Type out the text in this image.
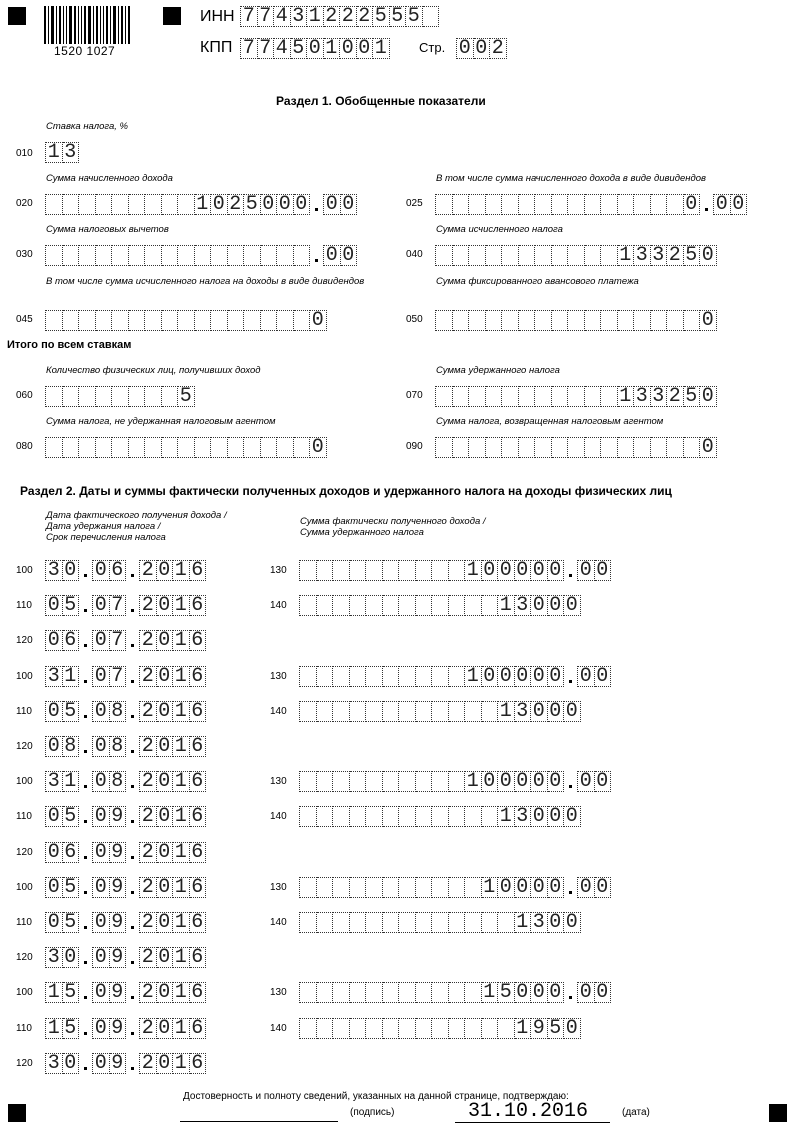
1520 1027
ИНН 7 7 4 3 1 2 2 2 5 5 5
КПП 7 7 4 5 0 1 0 0 1 Стр. 0 0 2
Раздел 1. Обобщенные показатели
Ставка налога, %
010 1 3
Сумма начисленного дохода
020	1 0 2 5 0 0 0 0 0
В том числе сумма начисленного дохода в виде дивидендов
025	0 0 0
Сумма налоговых вычетов
030	0 0
Сумма исчисленного налога
040	1 3 3 2 5 0
В том числе сумма исчисленного налога на доходы в виде дивидендов
045	0
Сумма фиксированного авансового платежа
050	0
Итого по всем ставкам
Количество физических лиц, получивших доход
060	5
Сумма удержанного налога
070	1 3 3 2 5 0
Сумма налога, не удержанная налоговым агентом
080	0
Сумма налога, возвращенная налоговым агентом
090	0
Раздел 2. Даты и суммы фактически полученных доходов и удержанного налога на доходы физических лиц
Дата фактического получения дохода /
Дата удержания налога /
Срок перечисления налога
Сумма фактически полученного дохода /
Сумма удержанного налога
100 3 0 0 6 2 0 1 6	130	1 0 0 0 0 0 0 0
110 0 5 0 7 2 0 1 6	140	1 3 0 0 0
120 0 6 0 7 2 0 1 6
100 3 1 0 7 2 0 1 6	130	1 0 0 0 0 0 0 0
110 0 5 0 8 2 0 1 6	140	1 3 0 0 0
120 0 8 0 8 2 0 1 6
100 3 1 0 8 2 0 1 6	130	1 0 0 0 0 0 0 0
110 0 5 0 9 2 0 1 6	140	1 3 0 0 0
120 0 6 0 9 2 0 1 6
100 0 5 0 9 2 0 1 6	130	1 0 0 0 0 0 0
110 0 5 0 9 2 0 1 6	140	1 3 0 0
120 3 0 0 9 2 0 1 6
100 1 5 0 9 2 0 1 6	130	1 5 0 0 0 0 0
110 1 5 0 9 2 0 1 6	140	1 9 5 0
120 3 0 0 9 2 0 1 6
Достоверность и полноту сведений, указанных на данной странице, подтверждаю:
(подпись)	31.10.2016	(дата)
